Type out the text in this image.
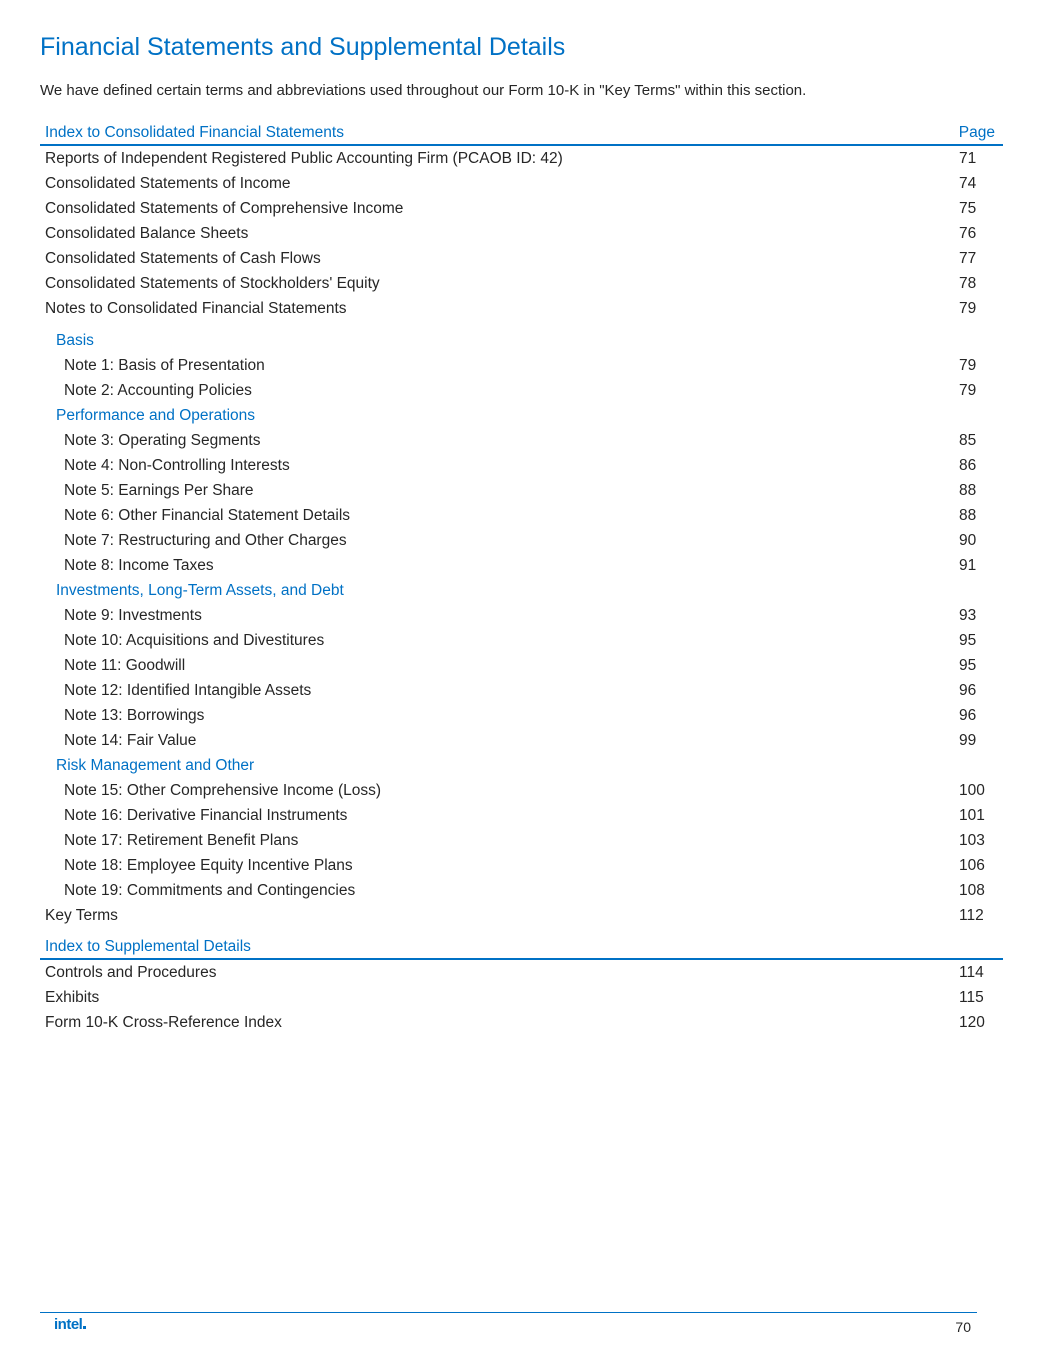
Financial Statements and Supplemental Details

We have defined certain terms and abbreviations used throughout our Form 10-K in "Key Terms" within this section.

Index to Consolidated Financial Statements	Page
Reports of Independent Registered Public Accounting Firm (PCAOB ID: 42)	71
Consolidated Statements of Income	74
Consolidated Statements of Comprehensive Income	75
Consolidated Balance Sheets	76
Consolidated Statements of Cash Flows	77
Consolidated Statements of Stockholders' Equity	78
Notes to Consolidated Financial Statements	79
Basis
Note 1: Basis of Presentation	79
Note 2: Accounting Policies	79
Performance and Operations
Note 3: Operating Segments	85
Note 4: Non-Controlling Interests	86
Note 5: Earnings Per Share	88
Note 6: Other Financial Statement Details	88
Note 7: Restructuring and Other Charges	90
Note 8: Income Taxes	91
Investments, Long-Term Assets, and Debt
Note 9: Investments	93
Note 10: Acquisitions and Divestitures	95
Note 11: Goodwill	95
Note 12: Identified Intangible Assets	96
Note 13: Borrowings	96
Note 14: Fair Value	99
Risk Management and Other
Note 15: Other Comprehensive Income (Loss)	100
Note 16: Derivative Financial Instruments	101
Note 17: Retirement Benefit Plans	103
Note 18: Employee Equity Incentive Plans	106
Note 19: Commitments and Contingencies	108
Key Terms	112
Index to Supplemental Details
Controls and Procedures	114
Exhibits	115
Form 10-K Cross-Reference Index	120
intel	70
